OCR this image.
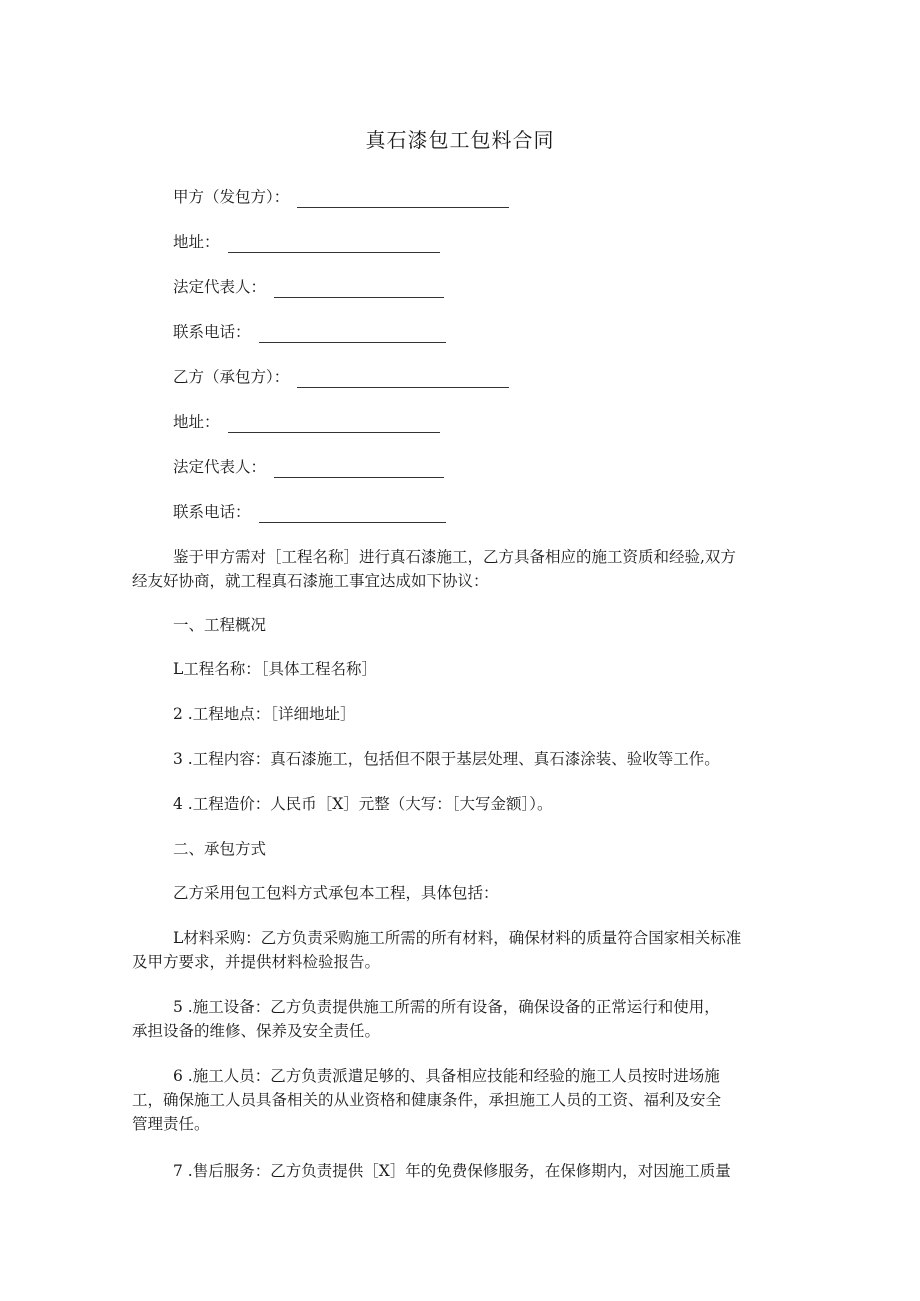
真石漆包工包料合同
甲方（发包方）：
地址：
法定代表人：
联系电话：
乙方（承包方）：
地址：
法定代表人：
联系电话：
鉴于甲方需对［工程名称］进行真石漆施工，乙方具备相应的施工资质和经验,双方
经友好协商，就工程真石漆施工事宜达成如下协议：
一、工程概况
L工程名称：［具体工程名称］
2 .工程地点：［详细地址］
3 .工程内容：真石漆施工，包括但不限于基层处理、真石漆涂装、验收等工作。
4 .工程造价：人民币［X］元整（大写：［大写金额］）。
二、承包方式
乙方采用包工包料方式承包本工程，具体包括：
L材料采购：乙方负责采购施工所需的所有材料，确保材料的质量符合国家相关标准
及甲方要求，并提供材料检验报告。
5 .施工设备：乙方负责提供施工所需的所有设备，确保设备的正常运行和使用，
承担设备的维修、保养及安全责任。
6 .施工人员：乙方负责派遣足够的、具备相应技能和经验的施工人员按时进场施
工，确保施工人员具备相关的从业资格和健康条件，承担施工人员的工资、福利及安全
管理责任。
7 .售后服务：乙方负责提供［X］年的免费保修服务，在保修期内，对因施工质量
